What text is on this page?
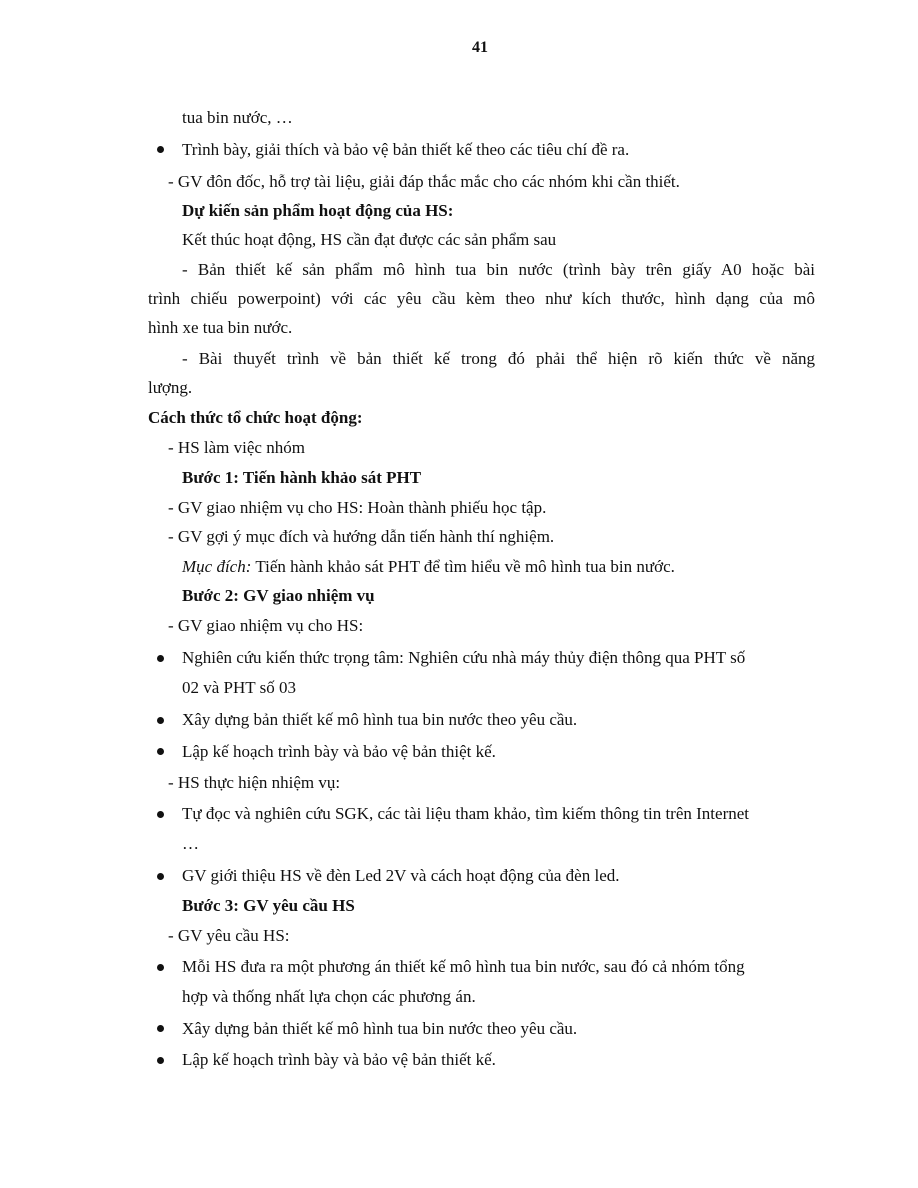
41
tua bin nước, …
Trình bày, giải thích và bảo vệ bản thiết kế theo các tiêu chí đề ra.
- GV đôn đốc, hỗ trợ tài liệu, giải đáp thắc mắc cho các nhóm khi cần thiết.
Dự kiến sản phẩm hoạt động của HS:
Kết thúc hoạt động, HS cần đạt được các sản phẩm sau
- Bản thiết kế sản phẩm mô hình tua bin nước (trình bày trên giấy A0 hoặc bài
trình chiếu powerpoint) với các yêu cầu kèm theo như kích thước, hình dạng của mô
hình xe tua bin nước.
- Bài thuyết trình về bản thiết kế trong đó phải thể hiện rõ kiến thức về năng
lượng.
Cách thức tổ chức hoạt động:
- HS làm việc nhóm
Bước 1: Tiến hành khảo sát PHT
- GV giao nhiệm vụ cho HS: Hoàn thành phiếu học tập.
- GV gợi ý mục đích và hướng dẫn tiến hành thí nghiệm.
Mục đích: Tiến hành khảo sát PHT để tìm hiểu về mô hình tua bin nước.
Bước 2: GV giao nhiệm vụ
- GV giao nhiệm vụ cho HS:
Nghiên cứu kiến thức trọng tâm: Nghiên cứu nhà máy thủy điện thông qua PHT số
02 và PHT số 03
Xây dựng bản thiết kế mô hình tua bin nước theo yêu cầu.
Lập kế hoạch trình bày và bảo vệ bản thiệt kế.
- HS thực hiện nhiệm vụ:
Tự đọc và nghiên cứu SGK, các tài liệu tham khảo, tìm kiếm thông tin trên Internet
…
GV giới thiệu HS về đèn Led 2V và cách hoạt động của đèn led.
Bước 3: GV yêu cầu HS
- GV yêu cầu HS:
Mỗi HS đưa ra một phương án thiết kế mô hình tua bin nước, sau đó cả nhóm tổng
hợp và thống nhất lựa chọn các phương án.
Xây dựng bản thiết kế mô hình tua bin nước theo yêu cầu.
Lập kế hoạch trình bày và bảo vệ bản thiết kế.
